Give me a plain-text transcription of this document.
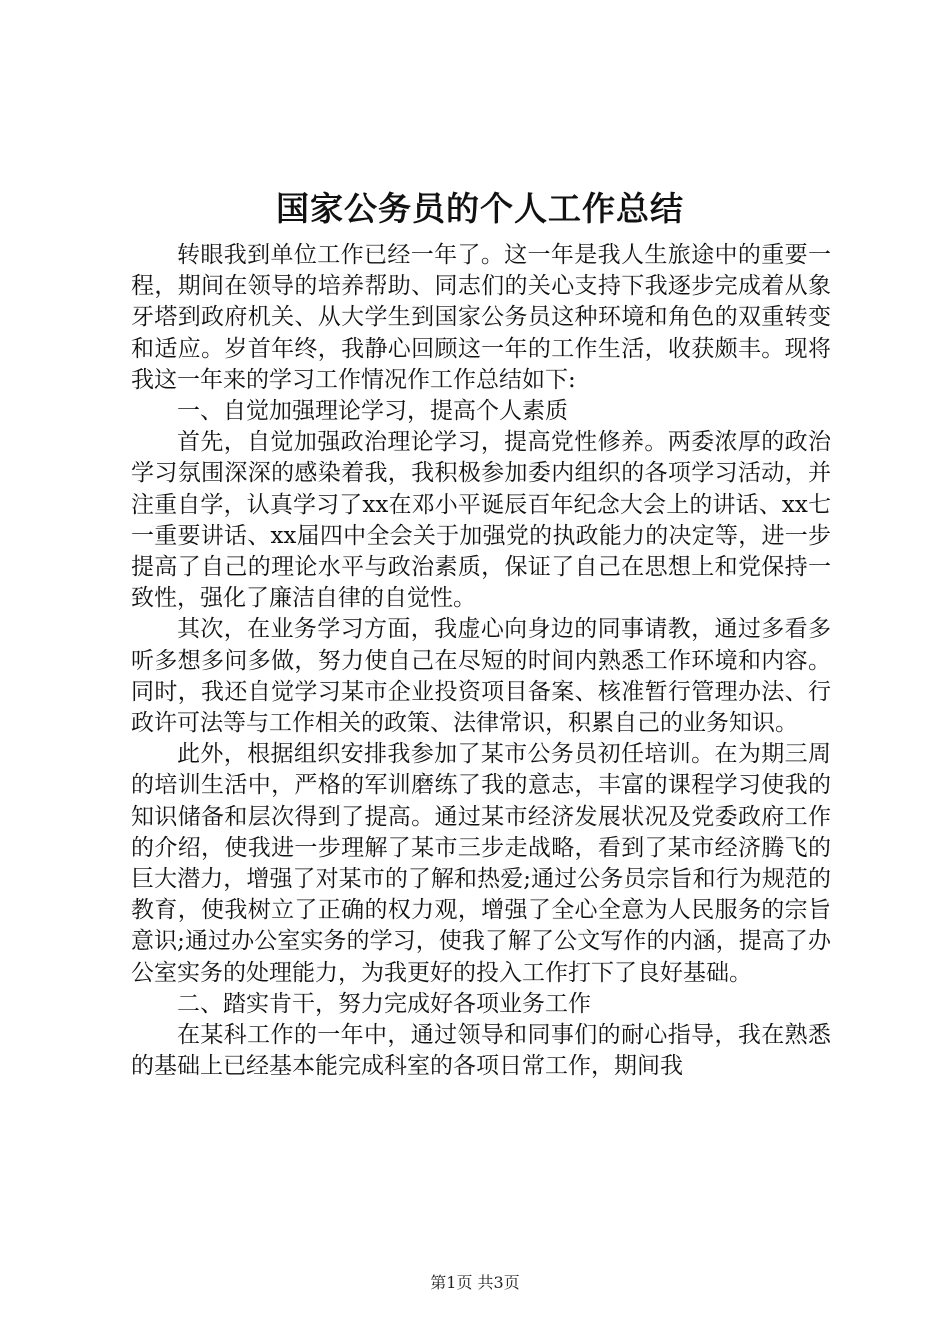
国家公务员的个人工作总结

转眼我到单位工作已经一年了。这一年是我人生旅途中的重要一程，期间在领导的培养帮助、同志们的关心支持下我逐步完成着从象牙塔到政府机关、从大学生到国家公务员这种环境和角色的双重转变和适应。岁首年终，我静心回顾这一年的工作生活，收获颇丰。现将我这一年来的学习工作情况作工作总结如下:

一、自觉加强理论学习，提高个人素质

首先，自觉加强政治理论学习，提高党性修养。两委浓厚的政治学习氛围深深的感染着我，我积极参加委内组织的各项学习活动，并注重自学，认真学习了xx在邓小平诞辰百年纪念大会上的讲话、xx七一重要讲话、xx届四中全会关于加强党的执政能力的决定等，进一步提高了自己的理论水平与政治素质，保证了自己在思想上和党保持一致性，强化了廉洁自律的自觉性。

其次，在业务学习方面，我虚心向身边的同事请教，通过多看多听多想多问多做，努力使自己在尽短的时间内熟悉工作环境和内容。同时，我还自觉学习某市企业投资项目备案、核准暂行管理办法、行政许可法等与工作相关的政策、法律常识，积累自己的业务知识。

此外，根据组织安排我参加了某市公务员初任培训。在为期三周的培训生活中，严格的军训磨练了我的意志，丰富的课程学习使我的知识储备和层次得到了提高。通过某市经济发展状况及党委政府工作的介绍，使我进一步理解了某市三步走战略，看到了某市经济腾飞的巨大潜力，增强了对某市的了解和热爱;通过公务员宗旨和行为规范的教育，使我树立了正确的权力观，增强了全心全意为人民服务的宗旨意识;通过办公室实务的学习，使我了解了公文写作的内涵，提高了办公室实务的处理能力，为我更好的投入工作打下了良好基础。

二、踏实肯干，努力完成好各项业务工作

在某科工作的一年中，通过领导和同事们的耐心指导，我在熟悉的基础上已经基本能完成科室的各项日常工作，期间我

第1页 共3页
